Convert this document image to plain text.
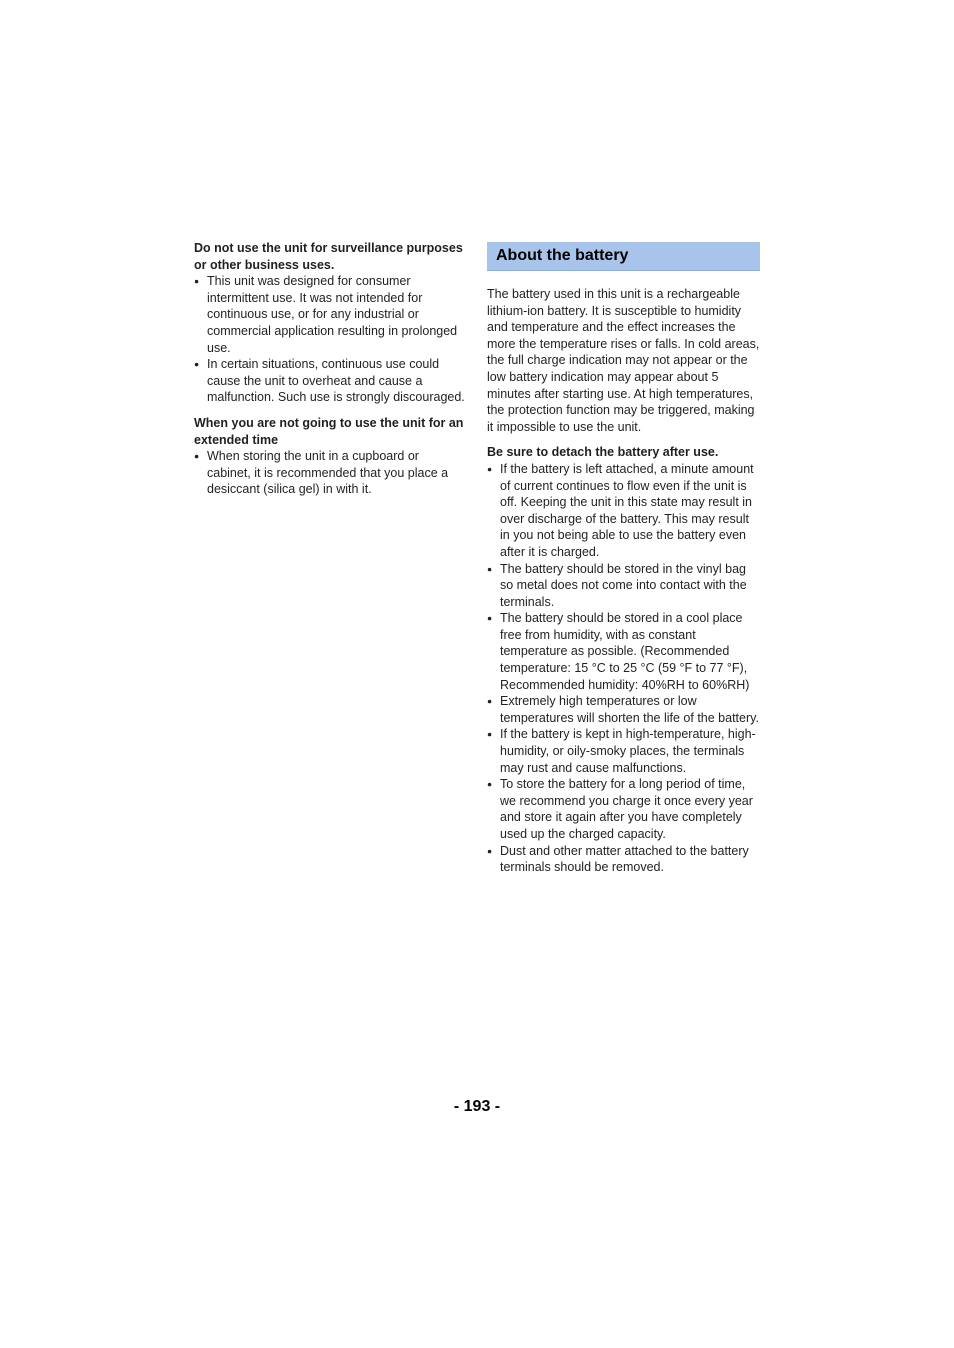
Do not use the unit for surveillance purposes or other business uses.
● This unit was designed for consumer intermittent use. It was not intended for continuous use, or for any industrial or commercial application resulting in prolonged use.
● In certain situations, continuous use could cause the unit to overheat and cause a malfunction. Such use is strongly discouraged.
When you are not going to use the unit for an extended time
● When storing the unit in a cupboard or cabinet, it is recommended that you place a desiccant (silica gel) in with it.
About the battery

The battery used in this unit is a rechargeable lithium-ion battery. It is susceptible to humidity and temperature and the effect increases the more the temperature rises or falls. In cold areas, the full charge indication may not appear or the low battery indication may appear about 5 minutes after starting use. At high temperatures, the protection function may be triggered, making it impossible to use the unit.

Be sure to detach the battery after use.
● If the battery is left attached, a minute amount of current continues to flow even if the unit is off. Keeping the unit in this state may result in over discharge of the battery. This may result in you not being able to use the battery even after it is charged.
● The battery should be stored in the vinyl bag so metal does not come into contact with the terminals.
● The battery should be stored in a cool place free from humidity, with as constant temperature as possible. (Recommended temperature: 15 °C to 25 °C (59 °F to 77 °F), Recommended humidity: 40%RH to 60%RH)
● Extremely high temperatures or low temperatures will shorten the life of the battery.
● If the battery is kept in high-temperature, high-humidity, or oily-smoky places, the terminals may rust and cause malfunctions.
● To store the battery for a long period of time, we recommend you charge it once every year and store it again after you have completely used up the charged capacity.
● Dust and other matter attached to the battery terminals should be removed.
- 193 -
